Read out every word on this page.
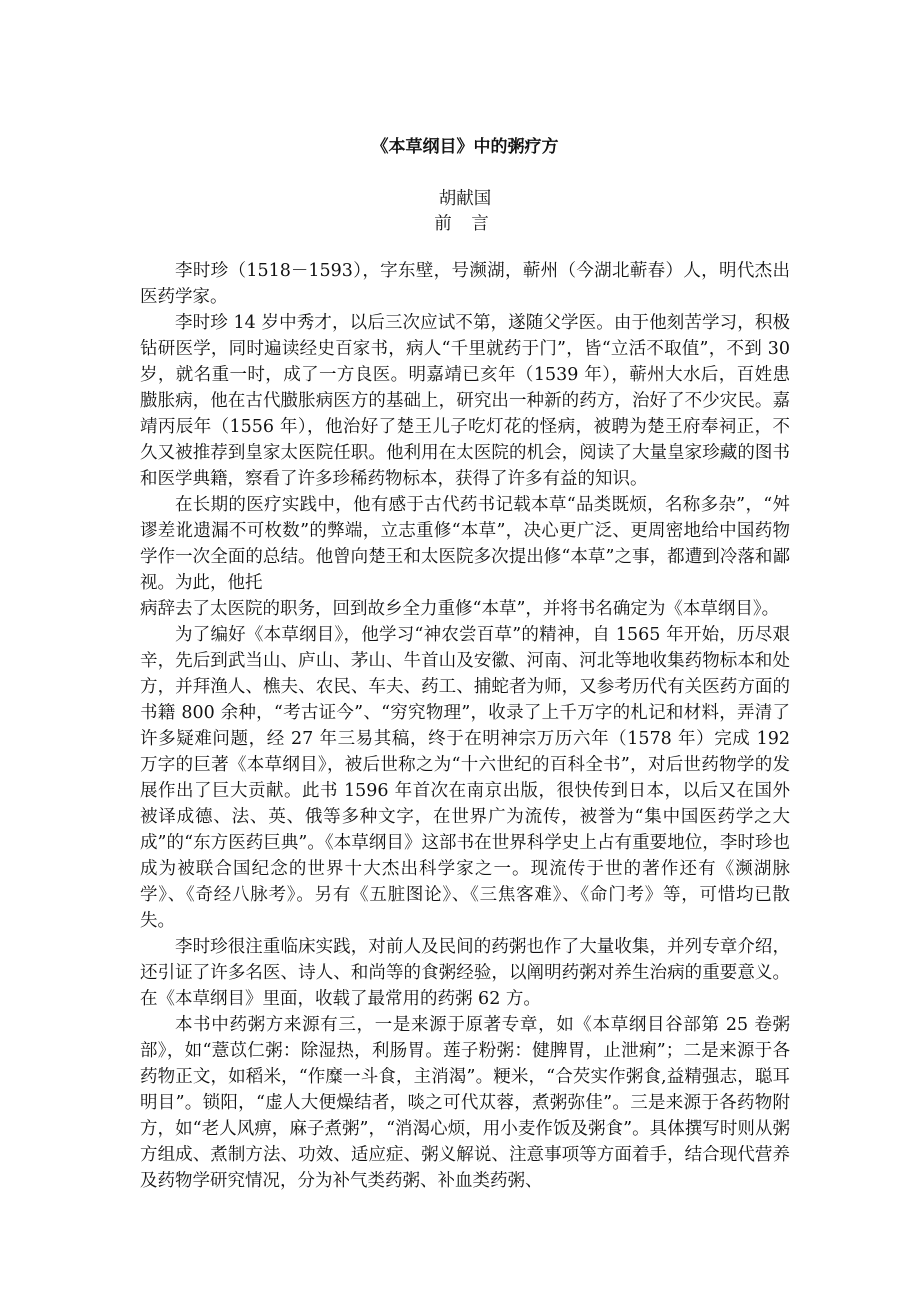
《本草纲目》中的粥疗方
胡献国
前 言

李时珍（1518－1593），字东壁，号濒湖，蕲州（今湖北蕲春）人，明代杰出医药学家。

李时珍 14 岁中秀才，以后三次应试不第，遂随父学医。由于他刻苦学习，积极钻研医学，同时遍读经史百家书，病人“千里就药于门”，皆“立活不取值”，不到 30 岁，就名重一时，成了一方良医。明嘉靖已亥年（1539 年），蕲州大水后，百姓患臌胀病，他在古代臌胀病医方的基础上，研究出一种新的药方，治好了不少灾民。嘉靖丙辰年（1556 年），他治好了楚王儿子吃灯花的怪病，被聘为楚王府奉祠正，不久又被推荐到皇家太医院任职。他利用在太医院的机会，阅读了大量皇家珍藏的图书和医学典籍，察看了许多珍稀药物标本，获得了许多有益的知识。

在长期的医疗实践中，他有感于古代药书记载本草“品类既烦，名称多杂”，“舛谬差讹遗漏不可枚数”的弊端，立志重修“本草”，决心更广泛、更周密地给中国药物学作一次全面的总结。他曾向楚王和太医院多次提出修“本草”之事，都遭到冷落和鄙视。为此，他托

病辞去了太医院的职务，回到故乡全力重修“本草”，并将书名确定为《本草纲目》。

为了编好《本草纲目》，他学习“神农尝百草”的精神，自 1565 年开始，历尽艰辛，先后到武当山、庐山、茅山、牛首山及安徽、河南、河北等地收集药物标本和处方，并拜渔人、樵夫、农民、车夫、药工、捕蛇者为师，又参考历代有关医药方面的书籍 800 余种，“考古证今”、“穷究物理”，收录了上千万字的札记和材料，弄清了许多疑难问题，经 27 年三易其稿，终于在明神宗万历六年（1578 年）完成 192 万字的巨著《本草纲目》，被后世称之为“十六世纪的百科全书”，对后世药物学的发展作出了巨大贡献。此书 1596 年首次在南京出版，很快传到日本，以后又在国外被译成德、法、英、俄等多种文字，在世界广为流传，被誉为“集中国医药学之大成”的“东方医药巨典”。《本草纲目》这部书在世界科学史上占有重要地位，李时珍也成为被联合国纪念的世界十大杰出科学家之一。现流传于世的著作还有《濒湖脉学》、《奇经八脉考》。另有《五脏图论》、《三焦客难》、《命门考》等，可惜均已散失。

李时珍很注重临床实践，对前人及民间的药粥也作了大量收集，并列专章介绍，还引证了许多名医、诗人、和尚等的食粥经验，以阐明药粥对养生治病的重要意义。在《本草纲目》里面，收载了最常用的药粥 62 方。

本书中药粥方来源有三，一是来源于原著专章，如《本草纲目谷部第 25 卷粥部》，如“薏苡仁粥：除湿热，利肠胃。莲子粉粥：健脾胃，止泄痢”；二是来源于各药物正文，如稻米，“作糜一斗食，主消渴”。粳米，“合芡实作粥食,益精强志，聪耳明目”。锁阳，“虚人大便燥结者，啖之可代苁蓉，煮粥弥佳”。三是来源于各药物附方，如“老人风痹，麻子煮粥”，“消渴心烦，用小麦作饭及粥食”。具体撰写时则从粥方组成、煮制方法、功效、适应症、粥义解说、注意事项等方面着手，结合现代营养及药物学研究情况，分为补气类药粥、补血类药粥、
